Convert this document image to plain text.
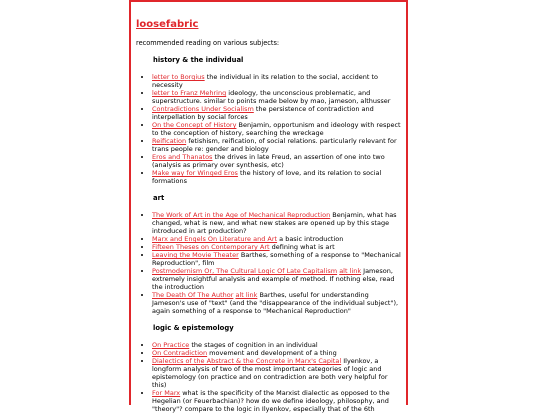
loosefabric

recommended reading on various subjects:

history & the individual
• letter to Borgius the individual in its relation to the social, accident to necessity
• letter to Franz Mehring ideology, the unconscious problematic, and superstructure. similar to points made below by mao, jameson, althusser
• Contradictions Under Socialism the persistence of contradiction and interpellation by social forces
• On the Concept of History Benjamin, opportunism and ideology with respect to the conception of history, searching the wreckage
• Reification fetishism, reification, of social relations. particularly relevant for trans people re: gender and biology
• Eros and Thanatos the drives in late Freud, an assertion of one into two (analysis as primary over synthesis, etc)
• Make way for Winged Eros the history of love, and its relation to social formations
art
• The Work of Art in the Age of Mechanical Reproduction Benjamin, what has changed, what is new, and what new stakes are opened up by this stage introduced in art production?
• Marx and Engels On Literature and Art a basic introduction
• Fifteen Theses on Contemporary Art defining what is art
• Leaving the Movie Theater Barthes, something of a response to "Mechanical Reproduction", film
• Postmodernism Or, The Cultural Logic Of Late Capitalism alt link Jameson, extremely insightful analysis and example of method. If nothing else, read the introduction
• The Death Of The Author alt link Barthes, useful for understanding Jameson's use of "text" (and the "disappearance of the individual subject"), again something of a response to "Mechanical Reproduction"
logic & epistemology
• On Practice the stages of cognition in an individual
• On Contradiction movement and development of a thing
• Dialectics of the Abstract & the Concrete in Marx's Capital Ilyenkov, a longform analysis of two of the most important categories of logic and epistemology (on practice and on contradiction are both very helpful for this)
• For Marx what is the specificity of the Marxist dialectic as opposed to the Hegelian (or Feuerbachian)? how do we define ideology, philosophy, and "theory"? compare to the logic in Ilyenkov, especially that of the 6th
